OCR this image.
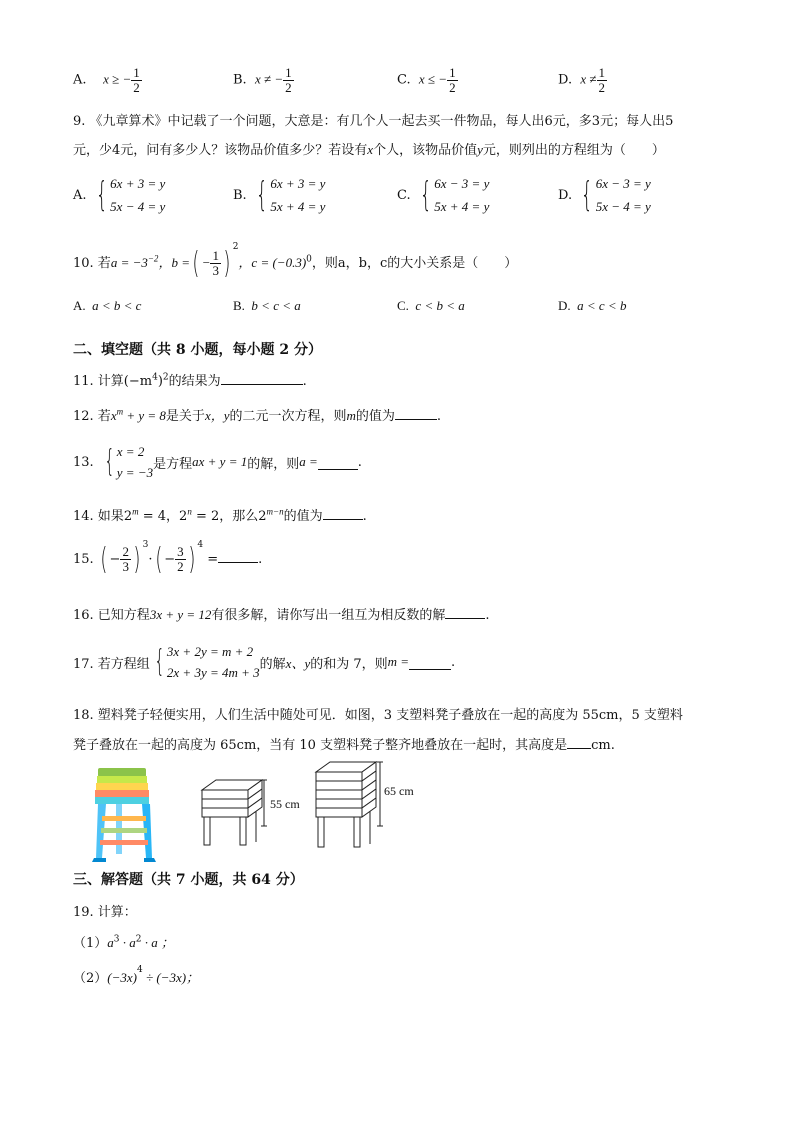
A. x ≥ − $\frac{1}{2}$	B. x ≠ − $\frac{1}{2}$	C. x ≤ − $\frac{1}{2}$	D. $x \ne \frac{1}{2}$
9. 《九章算术》中记载了一个问题，大意是：有几个人一起去买一件物品，每人出6元，多3元；每人出5
元，少4元，问有多少人？该物品价值多少？若设有x个人，该物品价值y元，则列出的方程组为（　　）
A. { 6x + 3 = y
5x − 4 = y
B. { 6x + 3 = y
5x + 4 = y
C. { 6x − 3 = y
5x + 4 = y
D. { 6x − 3 = y
5x − 4 = y
10. 若$a = -3^{-2}$，b =( − $\frac{1}{3}$ ) $^2$，$c = (-0.3)^0$，则a，b，c的大小关系是（　　）
A. a < b < c	B. b < c < a	C. c < b < a	D. a < c < b
二、填空题（共 8 小题，每小题 2 分）
11. 计算$(-m^4)^2$的结果为	.
12. 若$x^m + y = 8$是关于x，y的二元一次方程，则m的值为	.
13. { x = 2
y = −3
是方程 ax + y = 1 的解，则 a =	.
14. 如果$2^m = 4$，$2^n = 2$，那么$2^{m-n}$的值为	.
15. ( − $\frac{2}{3}$ ) $^3\cdot( - \frac{3}{2}$ ) $^4$ =	.
16. 已知方程3x + y = 12有很多解，请你写出一组互为相反数的解	.
17. 若方程组 { 3x + 2y = m + 2
2x + 3y = 4m + 3
的解 x、y 的和为 7，则 m =	.
18. 塑料凳子轻便实用，人们生活中随处可见．如图，3 支塑料凳子叠放在一起的高度为 55cm，5 支塑料
凳子叠放在一起的高度为 65cm，当有 10 支塑料凳子整齐地叠放在一起时，其高度是 cm.
55 cm
65 cm
三、解答题（共 7 小题，共 64 分）
19. 计算：
$(1)a^3 \cdot a^2 \cdot a$ ；
$(2)(-3x)^4 \div (-3x)$；
